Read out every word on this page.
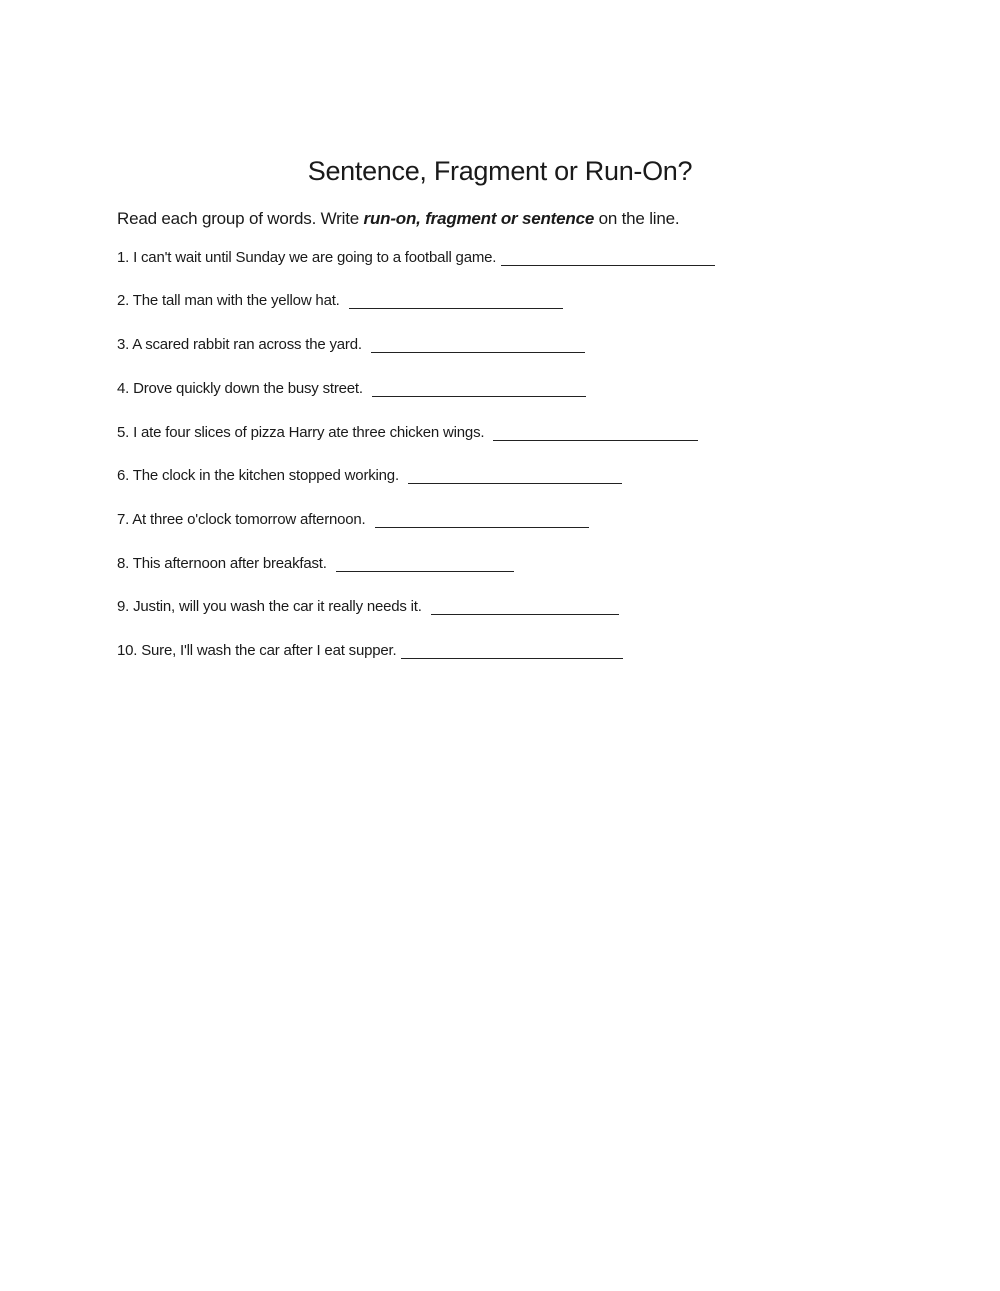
Sentence, Fragment or Run-On?
Read each group of words. Write run-on, fragment or sentence on the line.
1. I can't wait until Sunday we are going to a football game.
2. The tall man with the yellow hat.
3. A scared rabbit ran across the yard.
4. Drove quickly down the busy street.
5. I ate four slices of pizza Harry ate three chicken wings.
6. The clock in the kitchen stopped working.
7. At three o'clock tomorrow afternoon.
8. This afternoon after breakfast.
9. Justin, will you wash the car it really needs it.
10. Sure, I'll wash the car after I eat supper.
